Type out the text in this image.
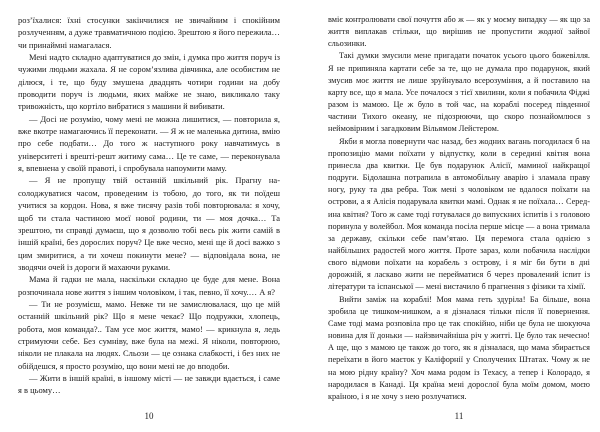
роз’їхалися: їхні стосунки закінчилися не звичайним і спокійним розлученням, а дуже травматичною подією. Зрештою я його пережила… чи принаймні намагалася.

Мені надто складно адаптуватися до змін, і думка про життя поруч із чужими людьми жахала. Я не сором’язлива дівчинка, але особистим не ділюся, і те, що буду змушена двадцять чотири години на добу проводити поруч із людьми, яких майже не знаю, викликало таку тривожність, що кортіло вибратися з машини й вибивати.

— Досі не розумію, чому мені не можна лишитися, — повторила я, вже вкотре намагаючись її переконати. — Я ж не маленька дитина, вмію про себе подбати… До того ж наступного року навчатимусь в університеті і врешті-решт житиму сама… Це те саме, — переконувала я, впевнена у своїй правоті, і спробувала напоумити маму.

— Я не пропущу твій останній шкільний рік. Прагну насолоджуватися часом, проведеним із тобою, до того, як ти поїдеш учитися за кордон. Нова, я вже тисячу разів тобі повторювала: я хочу, щоб ти стала частиною моєї нової родини, ти — моя дочка… Та зрештою, ти справді думаєш, що я дозволю тобі весь рік жити самій в іншій країні, без дорослих поруч? Це вже чесно, мені ще й досі важко з цим змиритися, а ти хочеш покинути мене? — відповідала вона, не зводячи очей із дороги й махаючи руками.

Мама й гадки не мала, наскільки складно це буде для мене. Вона розпочинала нове життя з іншим чоловіком, і так, певно, її хочу.… А я?

— Ти не розумієш, мамо. Невже ти не замислювалася, що це мій останній шкільний рік? Що я мене чекає? Що подружки, хлопець, робота, моя команда?.. Там усе моє життя, мамо! — крикнула я, ледь стримуючи себе. Без сумніву, вже була на межі. Я ніколи, повторюю, ніколи не плакала на людях. Сльози — це ознака слабкості, і без них не обійдешся, я просто розумію, що вони мені не до вподоби.

— Жити в іншій країні, в іншому місті — не завжди вдається, і саме я в цьому…

10

вміє контролювати свої почуття або ж — як у моєму випадку — як що за життя виплакав стільки, що вирішив не пропустити жодної зайвої сльозинки.

Такі думки змусили мене пригадати початок усього цього божевілля. Я не припиняла картати себе за те, що не думала про подарунок, який змусив моє життя не лише зруйнувало всерозуміння, а й поставило на карту все, що я мала. Усе почалося з тієї хвилини, коли я побачила Фіджі разом із мамою. Це ж було в той час, на кораблі посеред південної частини Тихого океану, не підозрюючи, що скоро познайомлюся з неймовірним і загадковим Вільямом Лейстером.

Якби я могла повернути час назад, без жодних вагань погодилася б на пропозицію мами поїхати у відпустку, коли в середині квітня вона принесла два квитки. Це був подарунок Алісії, маминої найкращої подруги. Бідолашна потрапила в автомобільну аварію і зламала праву ногу, руку та два ребра. Тож мені з чоловіком не вдалося поїхати на острови, а я Алісія подарувала квитки мамі. Однак я не поїхала… Середина квітня? Того ж саме тоді готувалася до випускних іспитів і з головою поринула у волейбол. Моя команда посіла перше місце — а вона тримала за державу, скільки себе пам’ятаю. Ця перемога стала однією з найбільших радостей мого життя. Проте зараз, коли побачила наслідки свого відмови поїхати на корабель з острову, і я міг би бути в дні дорожній, я ласкаво жити не перейматися б через провалений іспит із літератури та іспанської — мені вистачило б прагнення з фізики та хімії.

Вийти заміж на кораблі! Моя мама геть здуріла! Ба більше, вона зробила це тишком-нишком, а я дізналася тільки після її повернення. Саме тоді мама розповіла про це так спокійно, ніби це була не шокуюча новина для її доньки — найзвичайніша річ у житті. Це було так нечесно! А ще, що з мамою це також до того, як я дізналася, що мама збирається переїхати в його маєток у Каліфорнії у Сполучених Штатах. Чому ж не на мою рідну країну? Хоч мама родом із Техасу, а тепер і Колорадо, я народилася в Канаді. Ця країна мені дорослої була моїм домом, моєю країною, і я не хочу з нею розлучатися.

11
